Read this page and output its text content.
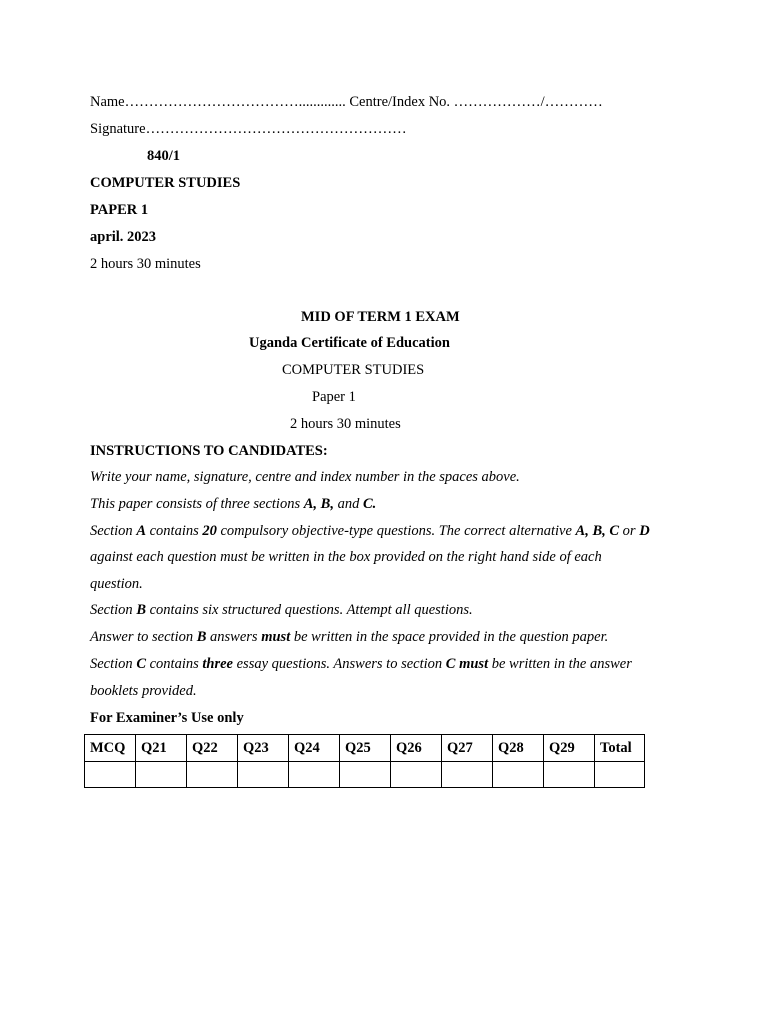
Name………………………………............. Centre/Index No. ………………/…………
Signature………………………………………………
840/1
COMPUTER STUDIES
PAPER 1
april. 2023
2 hours 30 minutes
MID OF TERM 1 EXAM
Uganda Certificate of Education
COMPUTER STUDIES
Paper 1
2 hours 30 minutes
INSTRUCTIONS TO CANDIDATES:
Write your name, signature, centre and index number in the spaces above.
This paper consists of three sections A, B, and C.
Section A contains 20 compulsory objective-type questions. The correct alternative A, B, C or D
against each question must be written in the box provided on the right hand side of each
question.
Section B contains six structured questions. Attempt all questions.
Answer to section B answers must be written in the space provided in the question paper.
Section C contains three essay questions. Answers to section C must be written in the answer
booklets provided.
For Examiner’s Use only
MCQ	Q21	Q22	Q23	Q24	Q25	Q26	Q27	Q28	Q29	Total
